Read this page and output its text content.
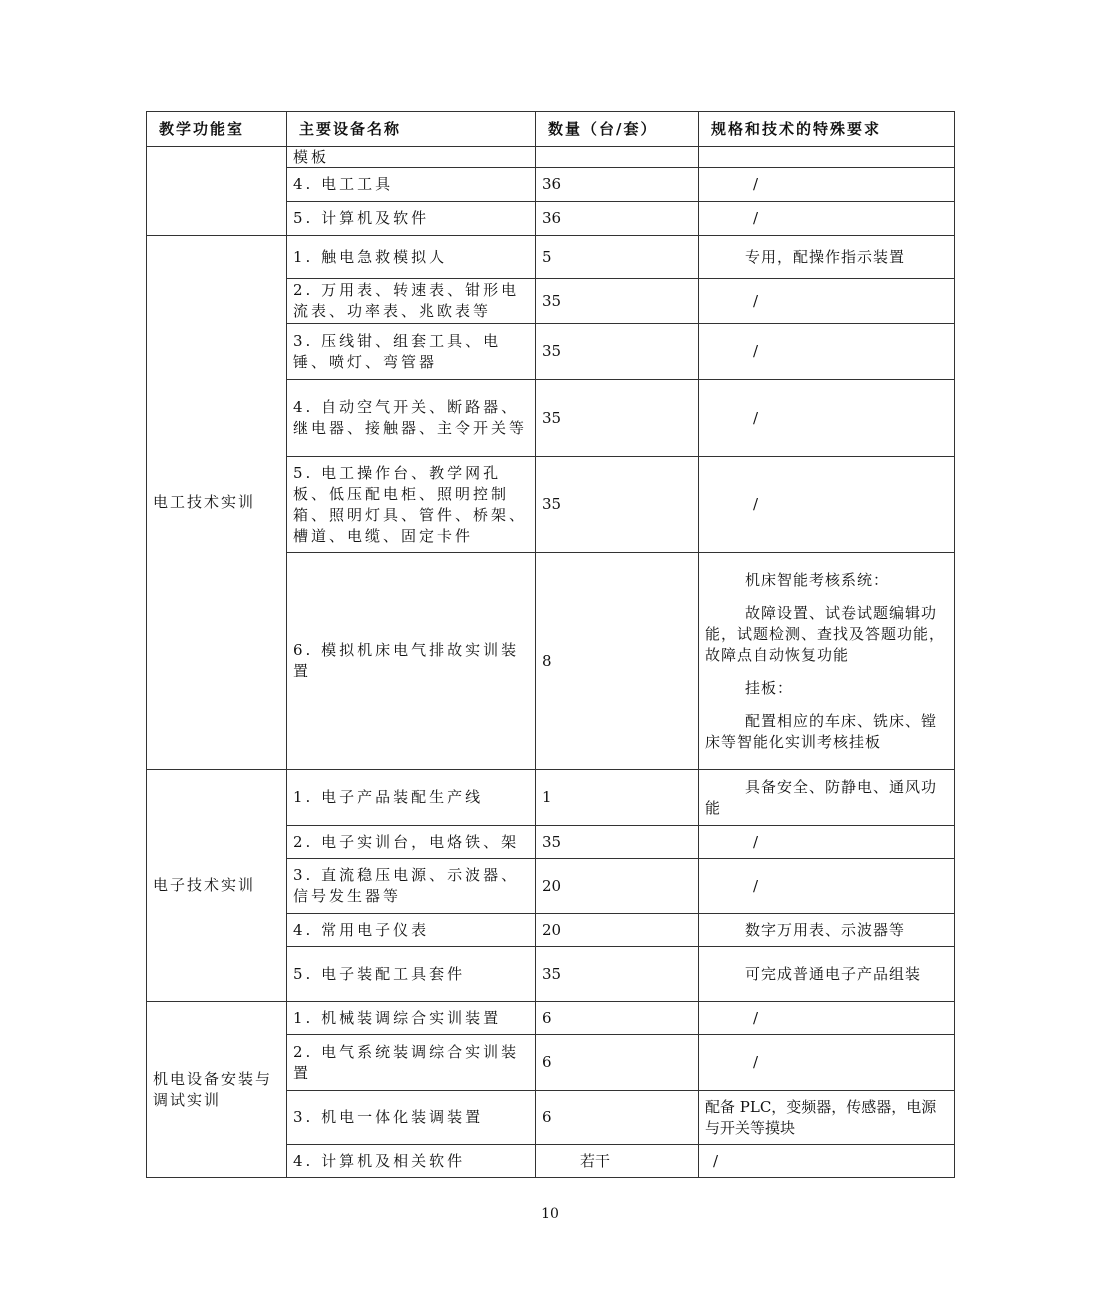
教学功能室	主要设备名称	数量（台/套）	规格和技术的特殊要求
	模板		
	4. 电工工具	36	/
	5. 计算机及软件	36	/
电工技术实训	1. 触电急救模拟人	5	专用，配操作指示装置
	2. 万用表、转速表、钳形电流表、功率表、兆欧表等	35	/
	3. 压线钳、组套工具、电锤、喷灯、弯管器	35	/
	4. 自动空气开关、断路器、继电器、接触器、主令开关等	35	/
	5. 电工操作台、教学网孔板、低压配电柜、照明控制箱、照明灯具、管件、桥架、槽道、电缆、固定卡件	35	/
	6. 模拟机床电气排故实训装置	8	机床智能考核系统：

故障设置、试卷试题编辑功能，试题检测、查找及答题功能，故障点自动恢复功能

挂板：

配置相应的车床、铣床、镗床等智能化实训考核挂板

电子技术实训	1. 电子产品装配生产线	1	具备安全、防静电、通风功能
	2. 电子实训台，电烙铁、架	35	/
	3. 直流稳压电源、示波器、信号发生器等	20	/
	4. 常用电子仪表	20	数字万用表、示波器等
	5. 电子装配工具套件	35	可完成普通电子产品组装
机电设备安装与调试实训	1. 机械装调综合实训装置	6	/
	2. 电气系统装调综合实训装置	6	/
	3. 机电一体化装调装置	6	配备 PLC，变频器，传感器，电源与开关等摸块
	4. 计算机及相关软件	若干	/
10
